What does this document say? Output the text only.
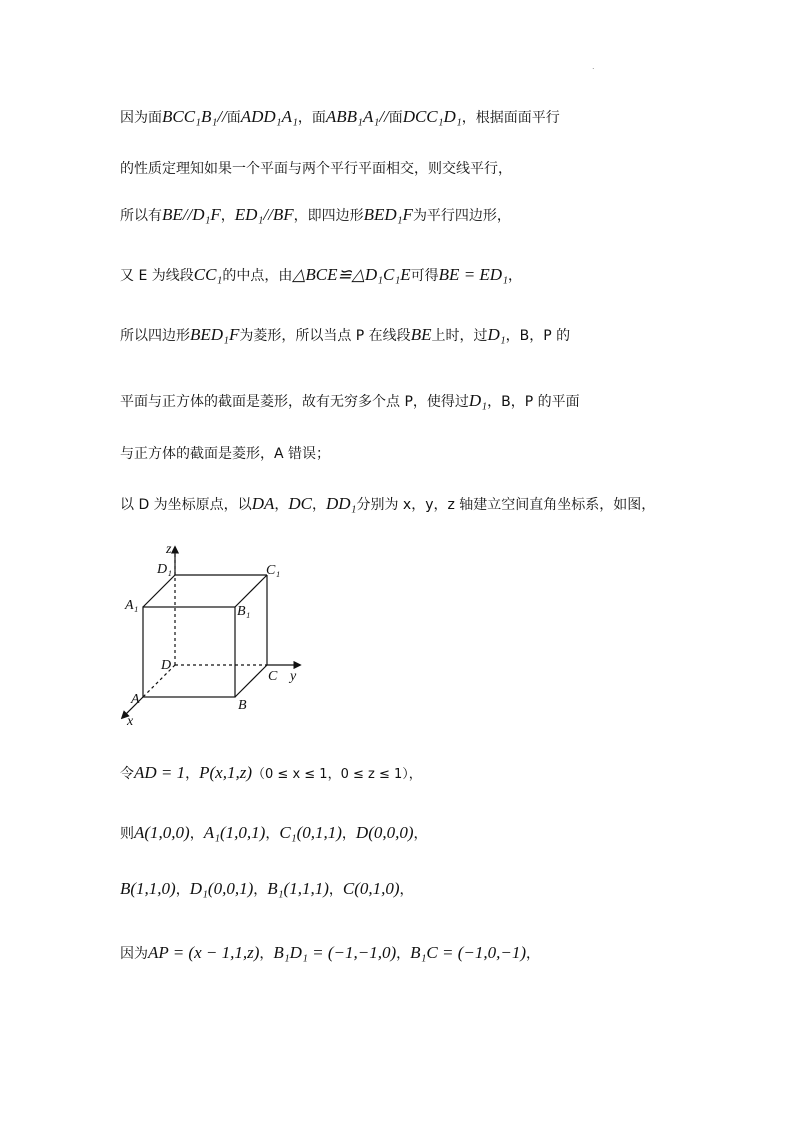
.
因为面BCC₁B₁//面ADD₁A₁，面ABB₁A₁//面DCC₁D₁，根据面面平行
的性质定理知如果一个平面与两个平行平面相交，则交线平行，
所以有BE//D₁F，ED₁//BF，即四边形BED₁F为平行四边形，
又 E 为线段CC₁的中点，由△BCE≌△D₁C₁E可得BE = ED₁，
所以四边形BED₁F为菱形，所以当点 P 在线段BE上时，过D₁，B，P 的
平面与正方体的截面是菱形，故有无穷多个点 P，使得过D₁，B，P 的平面
与正方体的截面是菱形，A 错误；
以 D 为坐标原点，以DA，DC，DD₁分别为 x，y，z 轴建立空间直角坐标系，如图，
z
D₁	C₁
A₁	B₁
D
C y
A	B
x
令AD = 1，P(x,1,z)（0 ≤ x ≤ 1，0 ≤ z ≤ 1），
则A(1,0,0)，A₁(1,0,1)，C₁(0,1,1)，D(0,0,0)，
B(1,1,0)，D₁(0,0,1)，B₁(1,1,1)，C(0,1,0)，
因为AP = (x − 1,1,z)，B₁D₁ = (−1,−1,0)，B₁C = (−1,0,−1)，
